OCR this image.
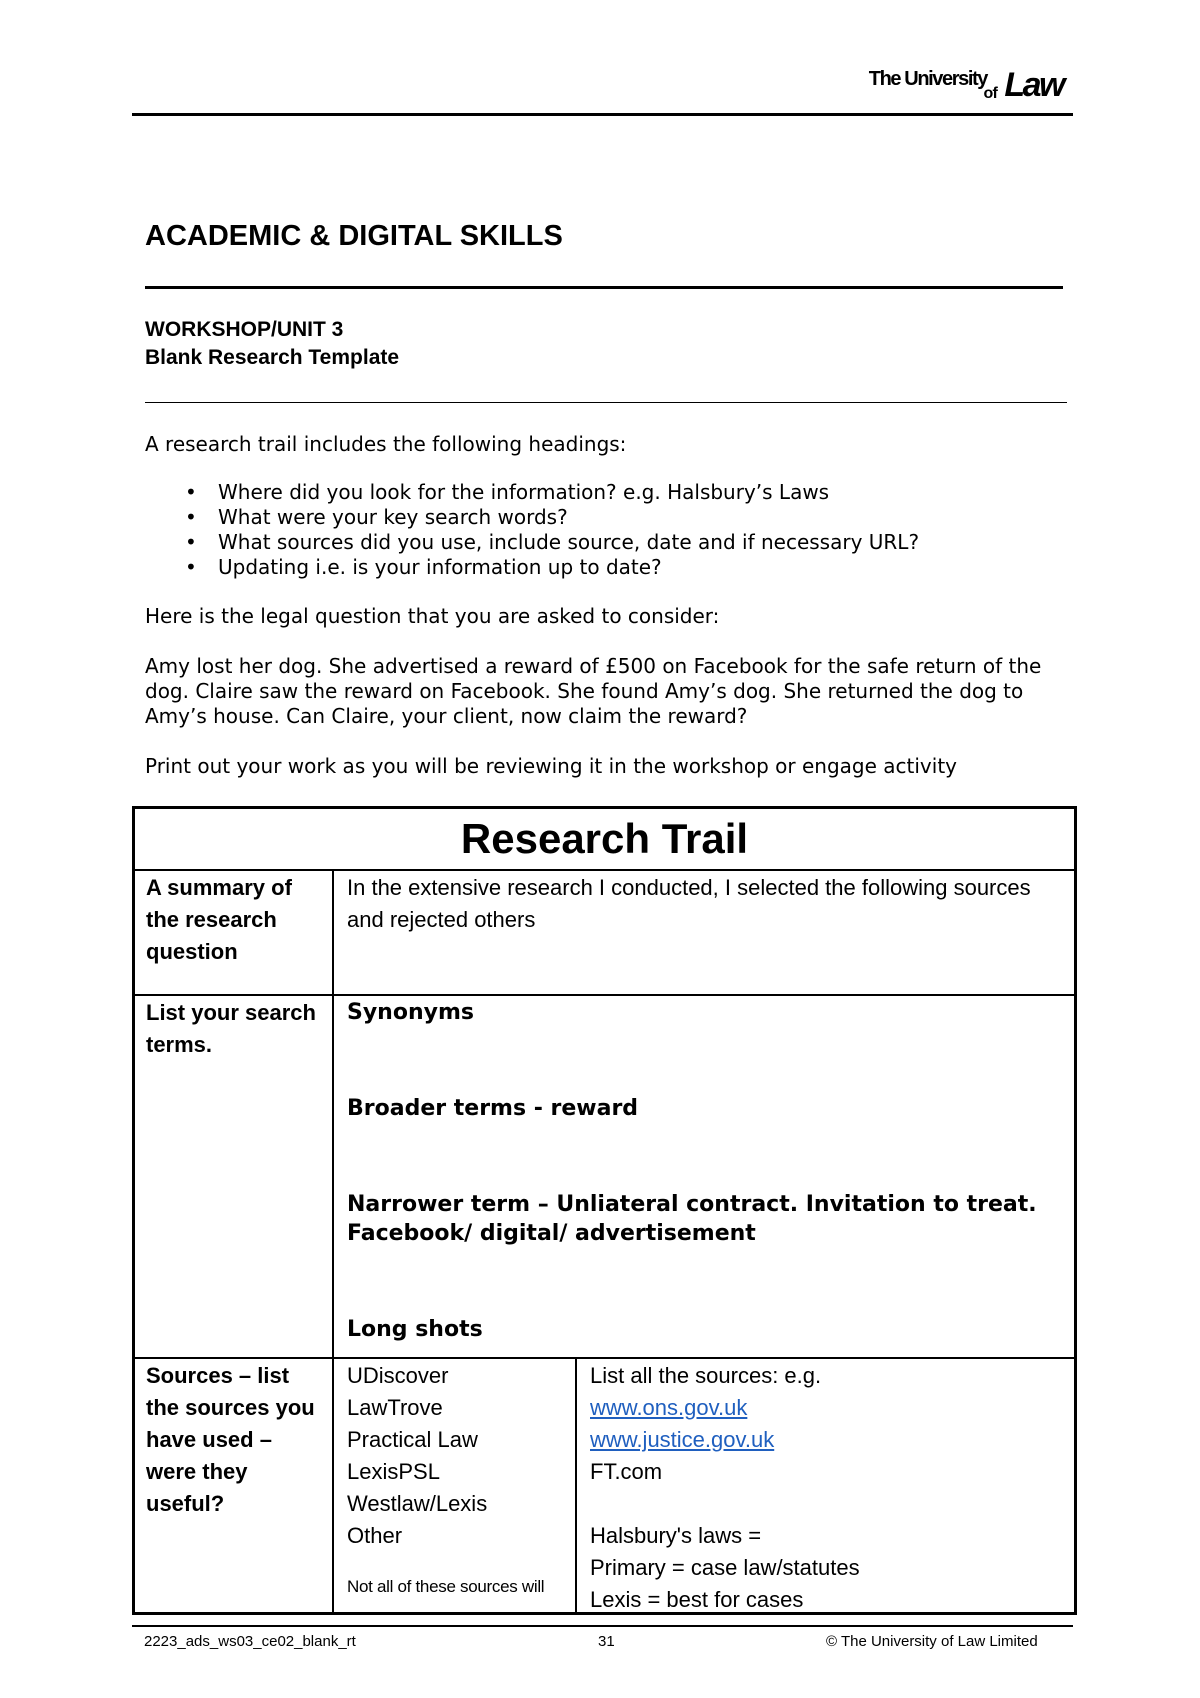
The University
of Law
ACADEMIC & DIGITAL SKILLS
WORKSHOP/UNIT 3
Blank Research Template
A research trail includes the following headings:
• Where did you look for the information? e.g. Halsbury’s Laws
• What were your key search words?
• What sources did you use, include source, date and if necessary URL?
• Updating i.e. is your information up to date?
Here is the legal question that you are asked to consider:
Amy lost her dog. She advertised a reward of £500 on Facebook for the safe return of the dog. Claire saw the reward on Facebook. She found Amy’s dog. She returned the dog to Amy’s house. Can Claire, your client, now claim the reward?
Print out your work as you will be reviewing it in the workshop or engage activity
Research Trail
A summary of the research question
In the extensive research I conducted, I selected the following sources and rejected others
List your search terms.
Synonyms
Broader terms - reward
Narrower term – Unliateral contract. Invitation to treat. Facebook/ digital/ advertisement
Long shots
Sources – list the sources you have used – were they useful?
UDiscover
LawTrove
Practical Law
LexisPSL
Westlaw/Lexis
Other
Not all of these sources will
List all the sources: e.g.
www.ons.gov.uk
www.justice.gov.uk
FT.com
Halsbury's laws =
Primary = case law/statutes
Lexis = best for cases
2223_ads_ws03_ce02_blank_rt	31	© The University of Law Limited
